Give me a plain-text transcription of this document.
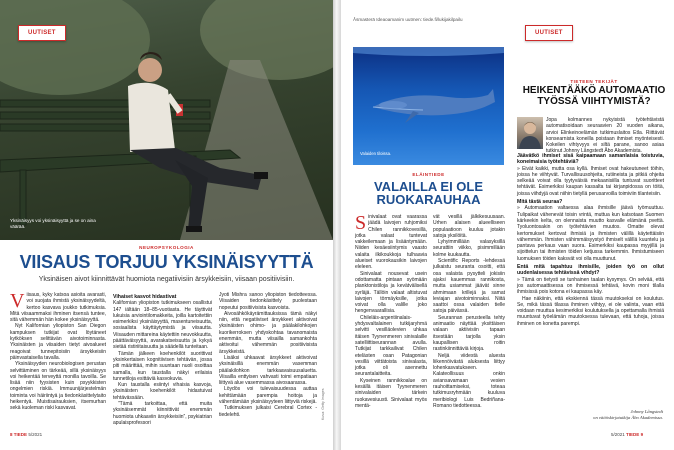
Yksinäisyys voi yksinäisyyttä ja se on aina väärää.
UUTISET
NEUROPSYKOLOGIA
VIISAUS TORJUU YKSINÄISYYTTÄ
Yksinäisen aivot kiinnittävät huomiota negatiivisiin ärsykkeisiin, viisaan positiivisiin.
V iisaus, kyky katsoa asioita avarasti, voi suojata ihmistä yksinäisyydeltä, kertoo kasvava joukko tutkimuksia. Mitä viisaammaksi ihminen itsensä tuntee, sitä vähemmän hän kokee yksinäisyyttä.

Nyt Kalifornian yliopiston San Diegon kampuksen tutkijat ovat löytäneet kytköksen selittävän aivotoiminnasta. Yksinäisten ja viisaiden tietyt aivoalueet reagoivat tunnepitoisiin ärsykkeisiin päinvastaisella tavalla.

Yksinäisyyden neurobiologisen perustan selvittäminen on tärkeää, sillä yksinäisyys voi heikentää terveyttä monilla tavoilla. Se lisää niin fyysisten kuin psyykkisten ongelmien riskiä. Immuunijärjestelmän toiminta voi häiriintyä ja tiedonkäsittelytaito heikentyä. Muistisairauksien, itsemurhan sekä kuoleman riski kasvavat.

Vihaiset kasvot hidastivat

Kalifornian yliopiston tutkimukseen osallistui 147 iältään 18–85-vuotiasta. He täyttivät lukuisia arviointilomakkeita, joilla kartoitettiin esimerkiksi yksinäisyyttä, masentuneisuutta, sosiaalista käyttäytymistä ja viisautta. Viisauden mittareina käytettiin neuvokkuutta, päättäväisyyttä, avarakatseisuutta ja kykyä sietää ristiriitaisuutta ja säädellä tunteitaan.

Tämän jälkeen koehenkilöt suorittivat yksinkertaisen kognitiivisen tehtävän, jossa piti määrittää, mihin suuntaan nuoli osoittaa samalla, kun taustalla näkyi erilaisia tunnetiloja esittäviä kasvokuvia.

Kun taustalla esiintyi vihaisia kasvoja, yksinäisten koehenkilöt hidastuivat tehtävässään.

”Tämä tarkoittaa, että muita yksinäisemmät kiinnittivät enemmän huomiota uhkaaviin ärsykkeisiin”, psykiatrian apulaisprofessori

Jyoti Mishra sanoo yliopiston tiedotteessa. Viisaiden tiedonkäsittely puolestaan nopeutui positiivisista kasvoista.

Aivosähkökäyrämittauksissa tämä näkyi niin, että negatiiviset ärsykkeet aktivoivat yksinäisten ohimo- ja päälakilohkojen kuorikerroksen yhdyskohtaa tavanomaista enemmän, mutta viisailla samankohta aktivoitui vähemmän positiivisista ärsykkeistä.

Lisäksi uhkaavat ärsykkeet aktivoivat yksinäisillä enemmän vasemman päälakilohkon tarkkaavaisuusaluetta. Viisailla enttyisen vahvasti toimi empatiaan liittyvä alue vasemmassa aivosaarassa.

Löydös voi tulevaisuudessa auttaa kehittämään parempia hoitoja ja vähentämään yksinäisyyteen liittyviä riskejä.

Tutkimuksen julkaisi Cerebral Cortex -tiedelehti.	Kuva: Getty Images
8 TIEDE 5/2021
Åsmasterä Ideaoamanim uutmen: tiede.fi/lukijakilpailu
UUTISET
Valaiden tiloissa.
ELÄINTIEDE
VALAILLA EI OLE RUOKARAUHAA
S inivalaat ovat vaarassa jäädä laivojen ruhjomiksi Chilen rannikkovesillä, jotka valaat tuntevat vakkeilemaan ja lisääntymään. Niiden kesäesiintymis vaasto valaita ilkikoukkoja tulhaavia alueiset vuorokausikin laivojen eleleen.

Sinivalaat nousevat usein odottamatta pintaan syömään planktonistiloja ja kevätvälisellä syrläjä. Tällöin valaat altistuvat laivojen törmäyksille, jotka voivat olla valille joko hengenvaarallisia.

Chileläis-argentiinalais-yhdysvaltalainen tutkijaryhmä selvitti vesilläolevien uhkaa itäisen Tyynenmeren sinivalaille satelliittiseurannan avulla. Tutkijat tarkkailivat Chilen etelästen osan Patagonian vesillä viittätoista sinivalasta, jotka oli asennettu seurantalaitteita.

Kyseinen rannikkoalue on kesällä itäisen Tyynenmeren sinivalaiden tärkein ruokavesiuusti. Sinivalaat myös mentä-

vät vesillä jälkikesuusaan. Urhen alaisen alueelliseen populaatioon kuuluu jotakin satoja yksilöitä.

Lyhyimmillään valasyksillä seurattiin viikko, pisimmillään kolme kuukautta.

Scientific Reports -lehdessä julkaistu seuranta osoitti, että osa valaista pysytteli jokisiin ajaksi kauemmas rannikosta, mutta usiammat jäävät sinne ahmimaan krillejä ja samat leviajan aivotoiminnaksi. Niitä saattoi ossa valaiden tielle satoja päivässä.

Seurannan perusteella tehty animaatio näyttää yksittäisen valaan aktiivisiin tapaan itsestään tarjolla yksin kaupallisen roitin rastinkiinnittäviä kirjoja.

Neljä viidestä aluesta liikennöivästä aluksesta liittyy lohenkasvatukseen. Kalateollisuus onkin aviansavamaan vesien rauhoittamiseksi, toteaa tutkimusryhmään kuuluva meribiologi Luis Bedriñana-Romano tiedotteessa.

TIETEEN TEKIJÄT
HEIKENTÄÄKÖ AUTOMAATIO TYÖSSÄ VIIHTYMISTÄ?

Jopa kolmannes nykyisistä työtehtävistä automatisoidaan seuraavien 20 vuoden aikana, arvioi Elinkeinoelämän tutkimuslaitos Etla. Riittävät konsearnista koneilla poistaan ihmiset myönteisesti. Kokeilen vihtyvyys ei siltä parane, sanoo asiaa tutkinut Johnny Långstedt Åbo Akademista.

Jäävätkö ihmiset sisä kaipaamaan samanlaisia toistuvia, koneimaisia työtehtäviä?

» Eivät kaikki, mutta osa kyllä. Ihmiset ovat hakeutuneet töihin, joissa he viihtyvät. Turvallisuusohjeita, rutiineista ja pitkiä ohjeita selkeää voivat olla tyytyväisiä mekaanisiilla tuntuvat suoritteet tehtävät. Esimerkiksi kaupan kassalta tai kirjanpidossa on töitä, joissa viihdyjä ovat niihin tietyllä perusarvoilla toimiviin tilanteisiin.

Mitä tästä seuraa?

» Automaation valtaessa alaa ihmisille jäävä työmuuttuu. Tulipaikat vähenevät toisin vrintä, muttua kun katsotaan Suomen kärkeekin kelta, on olennaista muutto kasvalle elämänä pvettä. Tyoluontosakin on työtehtävien muutos. Omatte olevat kertomukset kertovat ihmisiä ja ihmisten välillä käytettäisiin vähemmän. Ihmisten vähimmäisyystyö ihmiselt välillä kuuntelu ja pantava perkaus vaan suora. Esimerkiksi kaupassa myyjillä ja sijoittelun tai ihmisten töiden ketjussa tarkemmin. Ihmistumiseen luomuksen töiden kaksvät voi olla muuttunut.

Entä mitä tapahtuu ihmisille, joiden työ on ollut uudenlaisessa tehtävissä vihdyt?

» Tämä on tietysti se tunhainen taalan kysymys. On selvää, että jos automaattisessa on ihmisessä tehtävä, kovin moni tilalla ihmisissä pois kotona ei kaupassa käy.

Hae näkiinin, että ekskiennä tässä muutokseksi on koulutus. Se, mikä tässä tilassa ihminen viihtyy, ei ole valinta, vaan että voidaan muuttua kesimerkiksi koulutuksella ja opettamalla ihmisiä muuntuvat työelämän muutoksessa tulevaan, että tuhoja, joissa ihminen on konetta parempi.

Johnny Långstedt
on väitöskirjatutkija Åbo Akademissa.
5/2021 TIEDE 9
